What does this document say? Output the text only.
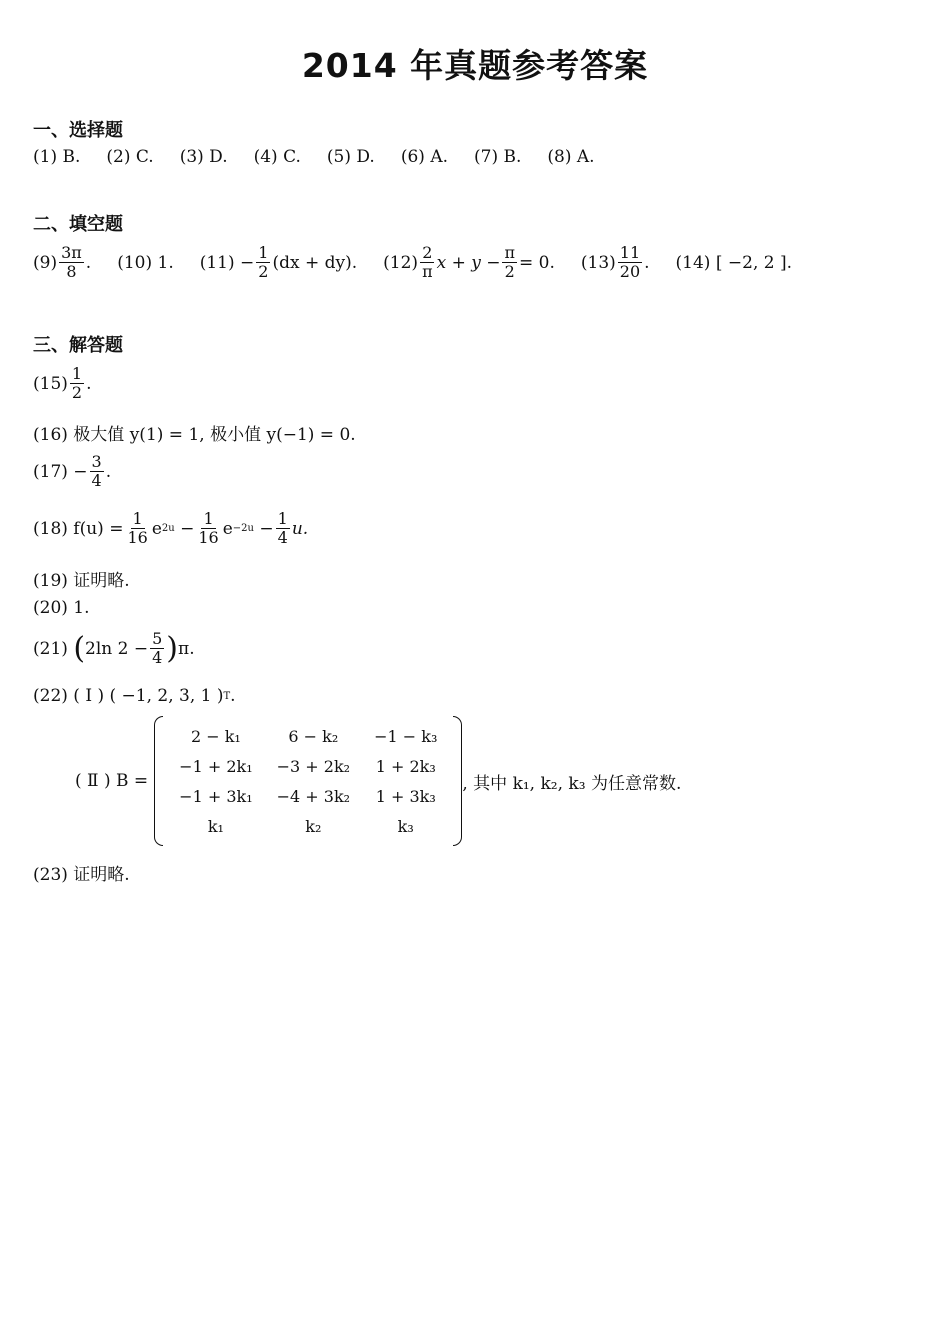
2014 年真题参考答案
一、选择题
(1) B. (2) C. (3) D. (4) C. (5) D. (6) A. (7) B. (8) A.
二、填空题
$(9) \frac{3\pi}{8}$ . (10) 1. $(11) - \frac{1}{2} (dx + dy)$. $(12) \frac{2}{\pi}$ $x + y - \frac{\pi}{2} = 0$. $(13) \frac{11}{20}$ . (14) [ −2, 2 ].
三、解答题
$(15) \frac{1}{2}$ .
(16) 极大值 y(1) = 1, 极小值 y(−1) = 0.
$(17) - \frac{3}{4}$ .
(18) $f(u) = \frac{1}{16}$ e 2u
− $\frac{1}{16}$ e −2u
− $\frac{1}{4} u$.
(19) 证明略.
(20) 1.
(21)
( 2ln $2 - \frac{5}{4}$ ) π.
(22) ( Ⅰ ) ( −1, 2, 3, 1 ) T .
( Ⅱ ) B =
2 − k₁	6 − k₂	−1 − k₃
−1 + 2k₁	−3 + 2k₂	1 + 2k₃
−1 + 3k₁	−4 + 3k₂	1 + 3k₃
k₁	k₂	k₃
, 其中 k₁, k₂, k₃ 为任意常数.
(23) 证明略.
